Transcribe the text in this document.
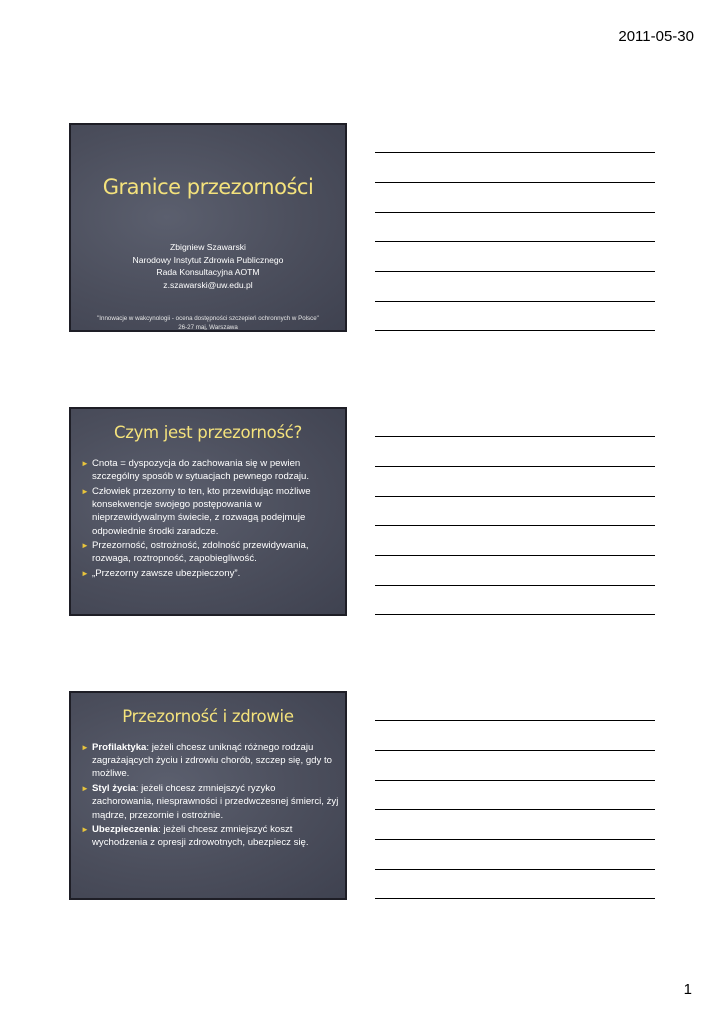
2011-05-30
Granice przezorności
Zbigniew Szawarski
Narodowy Instytut Zdrowia Publicznego
Rada Konsultacyjna AOTM
z.szawarski@uw.edu.pl
"Innowacje w wakcynologii - ocena dostępności szczepień ochronnych w Polsce"
26-27 maj, Warszawa
Czym jest przezorność?
► Cnota = dyspozycja do zachowania się w pewien szczególny sposób w sytuacjach pewnego rodzaju.
► Człowiek przezorny to ten, kto przewidując możliwe konsekwencje swojego postępowania w nieprzewidywalnym świecie, z rozwagą podejmuje odpowiednie środki zaradcze.
► Przezorność, ostrożność, zdolność przewidywania, rozwaga, roztropność, zapobiegliwość.
► „Przezorny zawsze ubezpieczony”.
Przezorność i zdrowie
► Profilaktyka: jeżeli chcesz uniknąć różnego rodzaju zagrażających życiu i zdrowiu chorób, szczep się, gdy to możliwe.
► Styl życia: jeżeli chcesz zmniejszyć ryzyko zachorowania, niesprawności i przedwczesnej śmierci, żyj mądrze, przezornie i ostrożnie.
► Ubezpieczenia: jeżeli chcesz zmniejszyć koszt wychodzenia z opresji zdrowotnych, ubezpiecz się.
1
